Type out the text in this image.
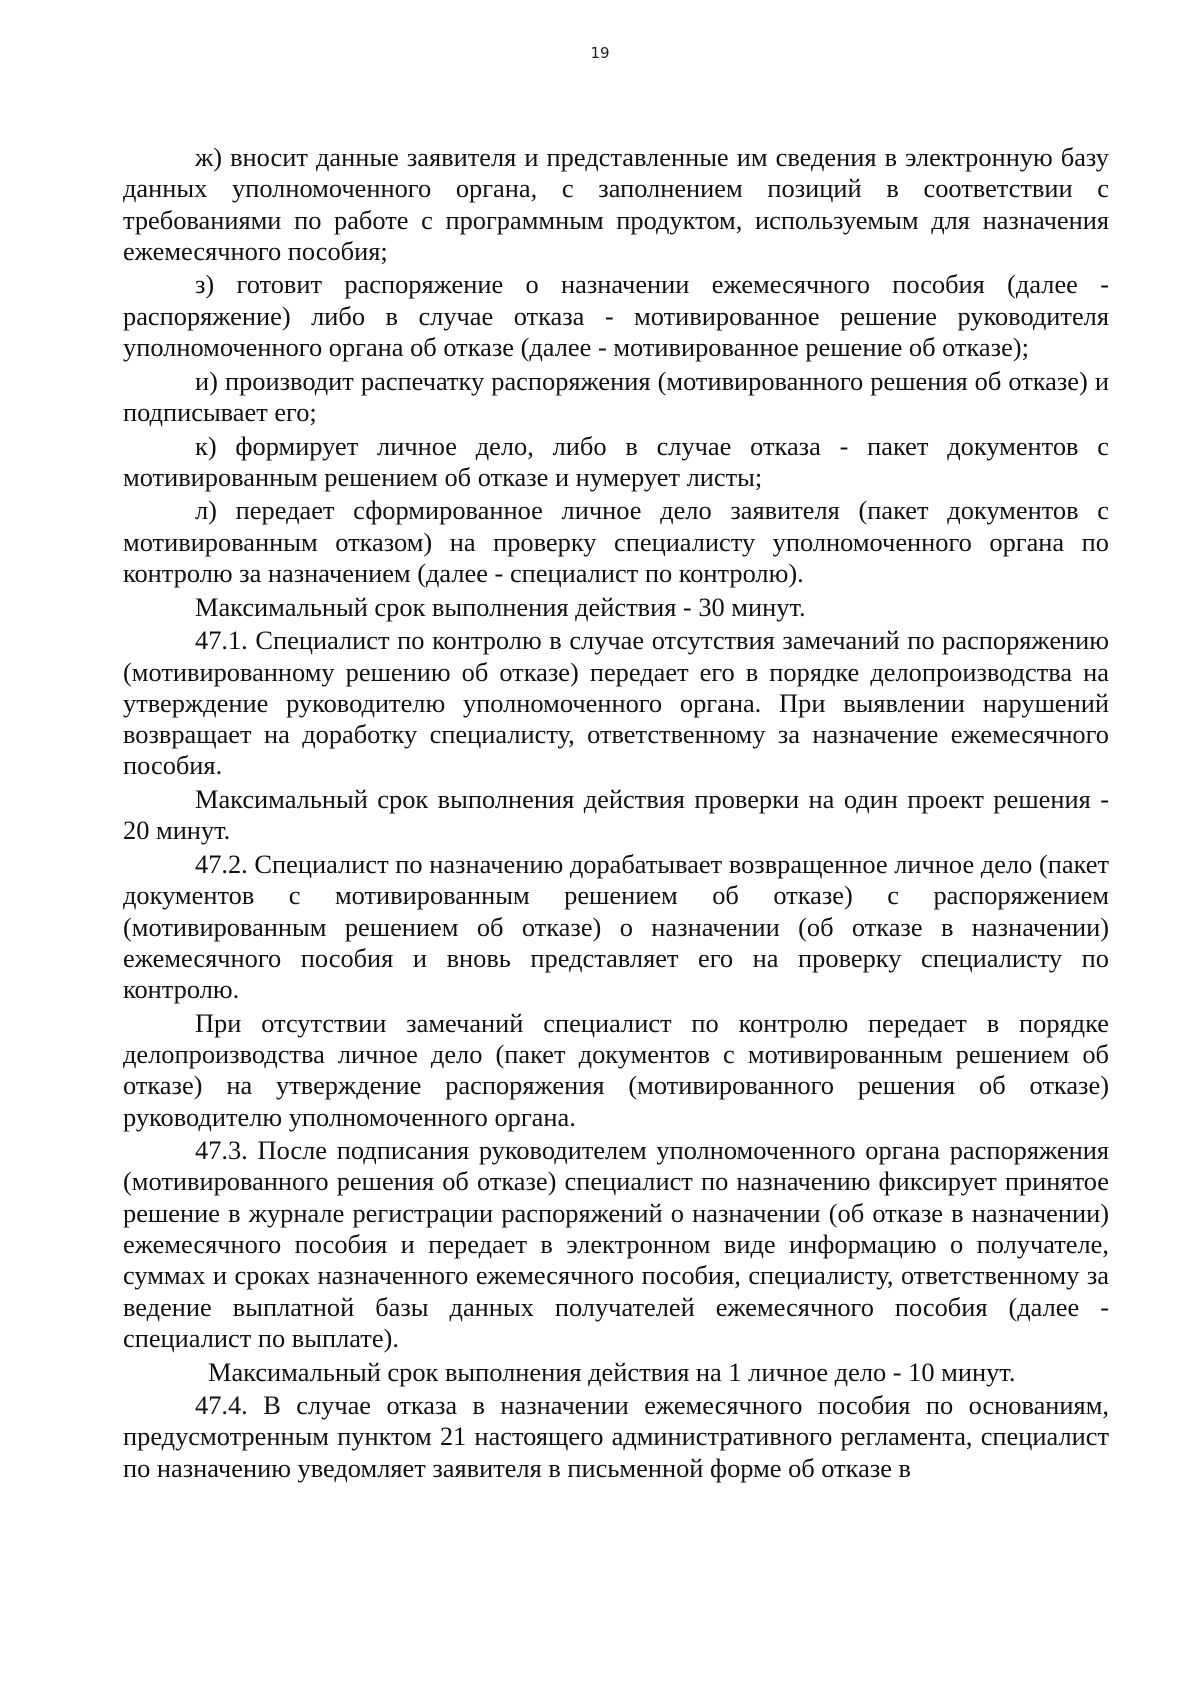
19

ж) вносит данные заявителя и представленные им сведения в электронную базу данных уполномоченного органа, с заполнением позиций в соответствии с требованиями по работе с программным продуктом, используемым для назначения ежемесячного пособия;

з) готовит распоряжение о назначении ежемесячного пособия (далее - распоряжение) либо в случае отказа - мотивированное решение руководителя уполномоченного органа об отказе (далее - мотивированное решение об отказе);

и) производит распечатку распоряжения (мотивированного решения об отказе) и подписывает его;

к) формирует личное дело, либо в случае отказа - пакет документов с мотивированным решением об отказе и нумерует листы;

л) передает сформированное личное дело заявителя (пакет документов с мотивированным отказом) на проверку специалисту уполномоченного органа по контролю за назначением (далее - специалист по контролю).

Максимальный срок выполнения действия - 30 минут.

47.1. Специалист по контролю в случае отсутствия замечаний по распоряжению (мотивированному решению об отказе) передает его в порядке делопроизводства на утверждение руководителю уполномоченного органа. При выявлении нарушений возвращает на доработку специалисту, ответственному за назначение ежемесячного пособия.

Максимальный срок выполнения действия проверки на один проект решения - 20 минут.

47.2. Специалист по назначению дорабатывает возвращенное личное дело (пакет документов с мотивированным решением об отказе) с распоряжением (мотивированным решением об отказе) о назначении (об отказе в назначении) ежемесячного пособия и вновь представляет его на проверку специалисту по контролю.

При отсутствии замечаний специалист по контролю передает в порядке делопроизводства личное дело (пакет документов с мотивированным решением об отказе) на утверждение распоряжения (мотивированного решения об отказе) руководителю уполномоченного органа.

47.3. После подписания руководителем уполномоченного органа распоряжения (мотивированного решения об отказе) специалист по назначению фиксирует принятое решение в журнале регистрации распоряжений о назначении (об отказе в назначении) ежемесячного пособия и передает в электронном виде информацию о получателе, суммах и сроках назначенного ежемесячного пособия, специалисту, ответственному за ведение выплатной базы данных получателей ежемесячного пособия (далее - специалист по выплате).

Максимальный срок выполнения действия на 1 личное дело - 10 минут.

47.4. В случае отказа в назначении ежемесячного пособия по основаниям, предусмотренным пунктом 21 настоящего административного регламента, специалист по назначению уведомляет заявителя в письменной форме об отказе в
